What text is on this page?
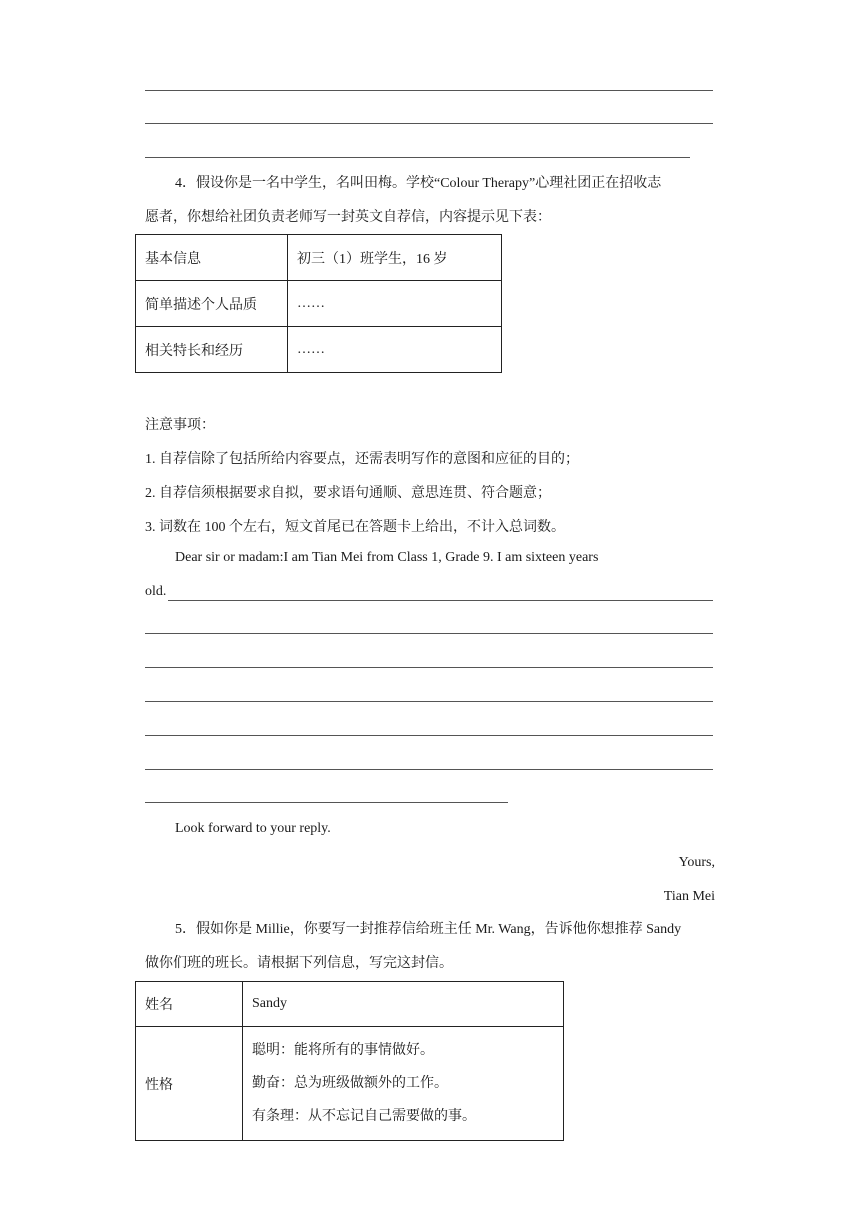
4．假设你是一名中学生，名叫田梅。学校“Colour Therapy”心理社团正在招收志
愿者，你想给社团负责老师写一封英文自荐信，内容提示见下表：
基本信息	初三（1）班学生，16 岁
简单描述个人品质	……
相关特长和经历	……
注意事项：
1. 自荐信除了包括所给内容要点，还需表明写作的意图和应征的目的；
2. 自荐信须根据要求自拟，要求语句通顺、意思连贯、符合题意；
3. 词数在 100 个左右，短文首尾已在答题卡上给出，不计入总词数。
Dear sir or madam:I am Tian Mei from Class 1, Grade 9. I am sixteen years
old.
Look forward to your reply.
Yours,
Tian Mei
5．假如你是 Millie，你要写一封推荐信给班主任 Mr. Wang，告诉他你想推荐 Sandy
做你们班的班长。请根据下列信息，写完这封信。
姓名	Sandy
性格	聪明：能将所有的事情做好。
勤奋：总为班级做额外的工作。
有条理：从不忘记自己需要做的事。
